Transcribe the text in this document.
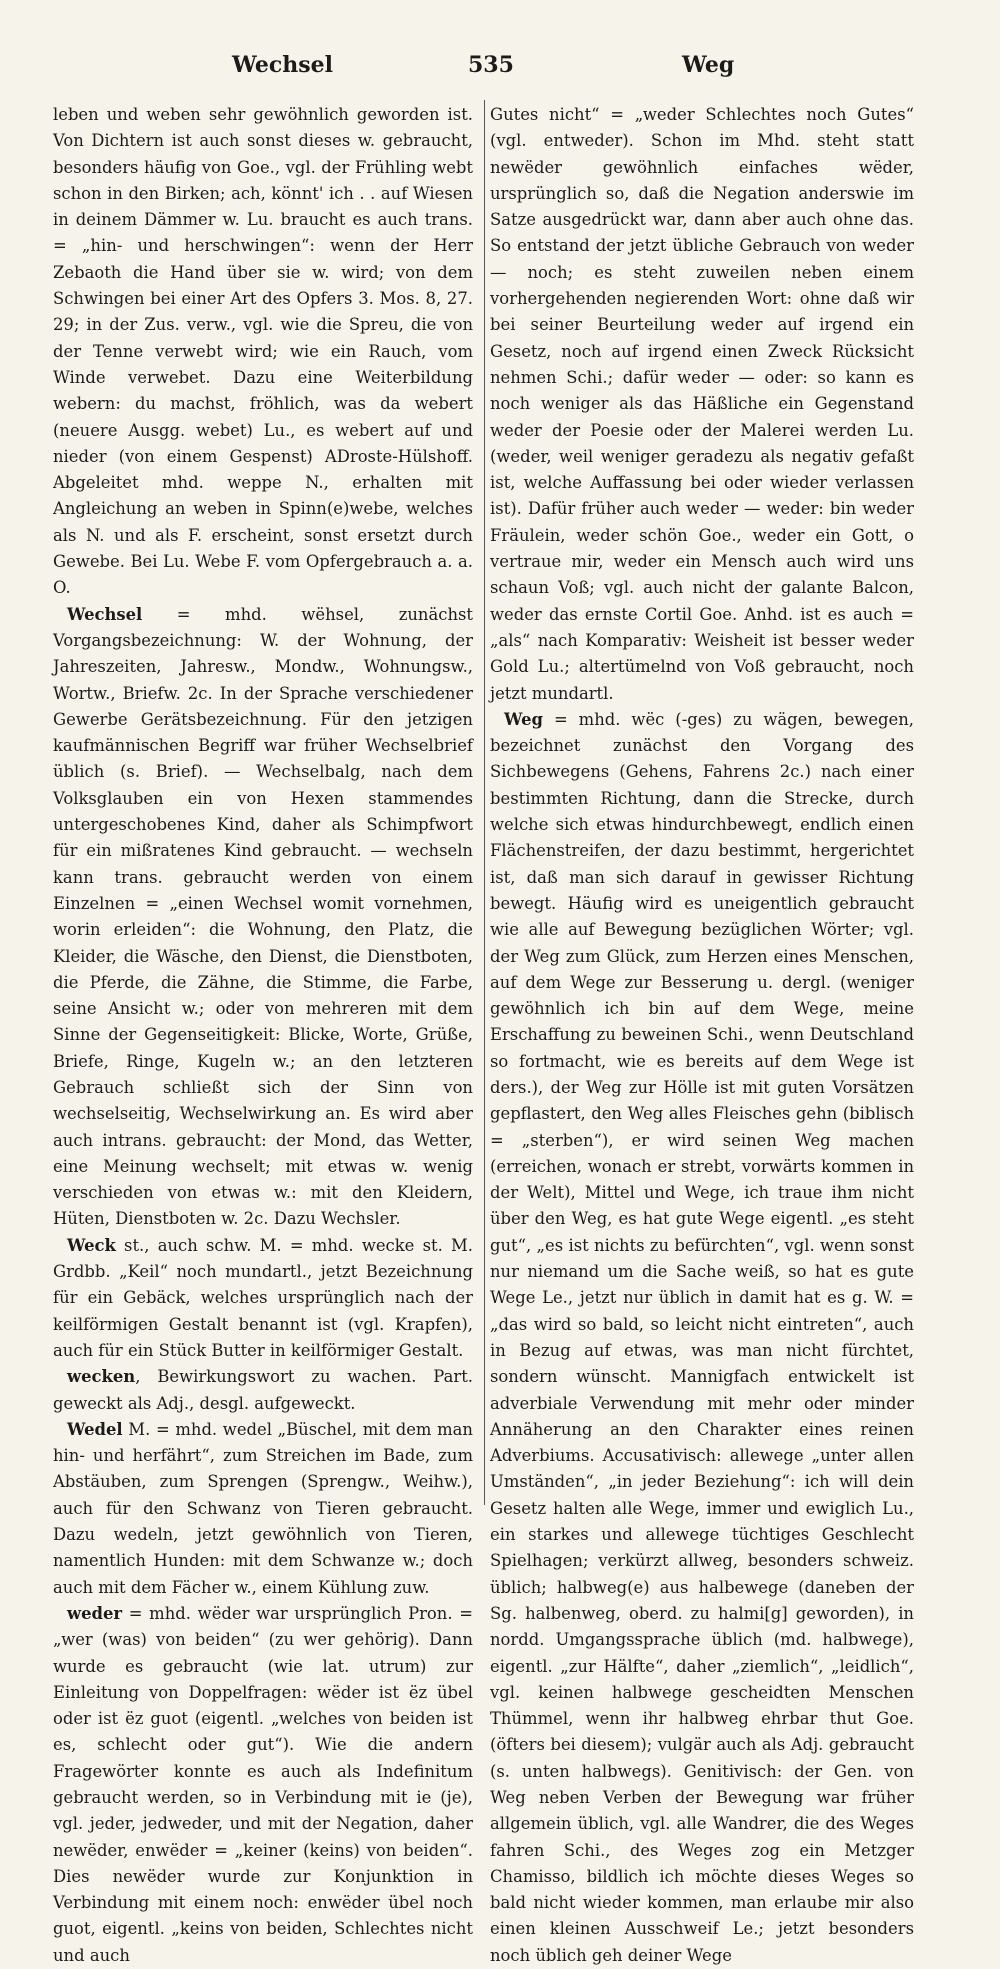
Wechsel	535	Weg

leben und weben sehr gewöhnlich geworden ist. Von Dichtern ist auch sonst dieses w. gebraucht, besonders häufig von Goe., vgl. der Frühling webt schon in den Birken; ach, könnt' ich . . auf Wiesen in deinem Dämmer w. Lu. braucht es auch trans. = „hin- und herschwingen“: wenn der Herr Zebaoth die Hand über sie w. wird; von dem Schwingen bei einer Art des Opfers 3. Mos. 8, 27. 29; in der Zus. verw., vgl. wie die Spreu, die von der Tenne verwebt wird; wie ein Rauch, vom Winde verwebet. Dazu eine Weiterbildung webern: du machst, fröhlich, was da webert (neuere Ausgg. webet) Lu., es webert auf und nieder (von einem Gespenst) ADroste-Hülshoff. Abgeleitet mhd. weppe N., erhalten mit Angleichung an weben in Spinn(e)webe, welches als N. und als F. erscheint, sonst ersetzt durch Gewebe. Bei Lu. Webe F. vom Opfergebrauch a. a. O.

Wechsel = mhd. wëhsel, zunächst Vorgangsbezeichnung: W. der Wohnung, der Jahreszeiten, Jahresw., Mondw., Wohnungsw., Wortw., Briefw. 2c. In der Sprache verschiedener Gewerbe Gerätsbezeichnung. Für den jetzigen kaufmännischen Begriff war früher Wechselbrief üblich (s. Brief). — Wechselbalg, nach dem Volksglauben ein von Hexen stammendes untergeschobenes Kind, daher als Schimpfwort für ein mißratenes Kind gebraucht. — wechseln kann trans. gebraucht werden von einem Einzelnen = „einen Wechsel womit vornehmen, worin erleiden“: die Wohnung, den Platz, die Kleider, die Wäsche, den Dienst, die Dienstboten, die Pferde, die Zähne, die Stimme, die Farbe, seine Ansicht w.; oder von mehreren mit dem Sinne der Gegenseitigkeit: Blicke, Worte, Grüße, Briefe, Ringe, Kugeln w.; an den letzteren Gebrauch schließt sich der Sinn von wechselseitig, Wechselwirkung an. Es wird aber auch intrans. gebraucht: der Mond, das Wetter, eine Meinung wechselt; mit etwas w. wenig verschieden von etwas w.: mit den Kleidern, Hüten, Dienstboten w. 2c. Dazu Wechsler.

Weck st., auch schw. M. = mhd. wecke st. M. Grdbb. „Keil“ noch mundartl., jetzt Bezeichnung für ein Gebäck, welches ursprünglich nach der keilförmigen Gestalt benannt ist (vgl. Krapfen), auch für ein Stück Butter in keilförmiger Gestalt.

wecken, Bewirkungswort zu wachen. Part. geweckt als Adj., desgl. aufgeweckt.

Wedel M. = mhd. wedel „Büschel, mit dem man hin- und herfährt“, zum Streichen im Bade, zum Abstäuben, zum Sprengen (Sprengw., Weihw.), auch für den Schwanz von Tieren gebraucht. Dazu wedeln, jetzt gewöhnlich von Tieren, namentlich Hunden: mit dem Schwanze w.; doch auch mit dem Fächer w., einem Kühlung zuw.

weder = mhd. wëder war ursprünglich Pron. = „wer (was) von beiden“ (zu wer gehörig). Dann wurde es gebraucht (wie lat. utrum) zur Einleitung von Doppelfragen: wëder ist ëz übel oder ist ëz guot (eigentl. „welches von beiden ist es, schlecht oder gut“). Wie die andern Fragewörter konnte es auch als Indefinitum gebraucht werden, so in Verbindung mit ie (je), vgl. jeder, jedweder, und mit der Negation, daher newëder, enwëder = „keiner (keins) von beiden“. Dies newëder wurde zur Konjunktion in Verbindung mit einem noch: enwëder übel noch guot, eigentl. „keins von beiden, Schlechtes nicht und auch

Gutes nicht“ = „weder Schlechtes noch Gutes“ (vgl. entweder). Schon im Mhd. steht statt newëder gewöhnlich einfaches wëder, ursprünglich so, daß die Negation anderswie im Satze ausgedrückt war, dann aber auch ohne das. So entstand der jetzt übliche Gebrauch von weder — noch; es steht zuweilen neben einem vorhergehenden negierenden Wort: ohne daß wir bei seiner Beurteilung weder auf irgend ein Gesetz, noch auf irgend einen Zweck Rücksicht nehmen Schi.; dafür weder — oder: so kann es noch weniger als das Häßliche ein Gegenstand weder der Poesie oder der Malerei werden Lu. (weder, weil weniger geradezu als negativ gefaßt ist, welche Auffassung bei oder wieder verlassen ist). Dafür früher auch weder — weder: bin weder Fräulein, weder schön Goe., weder ein Gott, o vertraue mir, weder ein Mensch auch wird uns schaun Voß; vgl. auch nicht der galante Balcon, weder das ernste Cortil Goe. Anhd. ist es auch = „als“ nach Komparativ: Weisheit ist besser weder Gold Lu.; altertümelnd von Voß gebraucht, noch jetzt mundartl.

Weg = mhd. wëc (-ges) zu wägen, bewegen, bezeichnet zunächst den Vorgang des Sichbewegens (Gehens, Fahrens 2c.) nach einer bestimmten Richtung, dann die Strecke, durch welche sich etwas hindurchbewegt, endlich einen Flächenstreifen, der dazu bestimmt, hergerichtet ist, daß man sich darauf in gewisser Richtung bewegt. Häufig wird es uneigentlich gebraucht wie alle auf Bewegung bezüglichen Wörter; vgl. der Weg zum Glück, zum Herzen eines Menschen, auf dem Wege zur Besserung u. dergl. (weniger gewöhnlich ich bin auf dem Wege, meine Erschaffung zu beweinen Schi., wenn Deutschland so fortmacht, wie es bereits auf dem Wege ist ders.), der Weg zur Hölle ist mit guten Vorsätzen gepflastert, den Weg alles Fleisches gehn (biblisch = „sterben“), er wird seinen Weg machen (erreichen, wonach er strebt, vorwärts kommen in der Welt), Mittel und Wege, ich traue ihm nicht über den Weg, es hat gute Wege eigentl. „es steht gut“, „es ist nichts zu befürchten“, vgl. wenn sonst nur niemand um die Sache weiß, so hat es gute Wege Le., jetzt nur üblich in damit hat es g. W. = „das wird so bald, so leicht nicht eintreten“, auch in Bezug auf etwas, was man nicht fürchtet, sondern wünscht. Mannigfach entwickelt ist adverbiale Verwendung mit mehr oder minder Annäherung an den Charakter eines reinen Adverbiums. Accusativisch: allewege „unter allen Umständen“, „in jeder Beziehung“: ich will dein Gesetz halten alle Wege, immer und ewiglich Lu., ein starkes und allewege tüchtiges Geschlecht Spielhagen; verkürzt allweg, besonders schweiz. üblich; halbweg(e) aus halbewege (daneben der Sg. halbenweg, oberd. zu halmi[g] geworden), in nordd. Umgangssprache üblich (md. halbwege), eigentl. „zur Hälfte“, daher „ziemlich“, „leidlich“, vgl. keinen halbwege gescheidten Menschen Thümmel, wenn ihr halbweg ehrbar thut Goe. (öfters bei diesem); vulgär auch als Adj. gebraucht (s. unten halbwegs). Genitivisch: der Gen. von Weg neben Verben der Bewegung war früher allgemein üblich, vgl. alle Wandrer, die des Weges fahren Schi., des Weges zog ein Metzger Chamisso, bildlich ich möchte dieses Weges so bald nicht wieder kommen, man erlaube mir also einen kleinen Ausschweif Le.; jetzt besonders noch üblich geh deiner Wege
